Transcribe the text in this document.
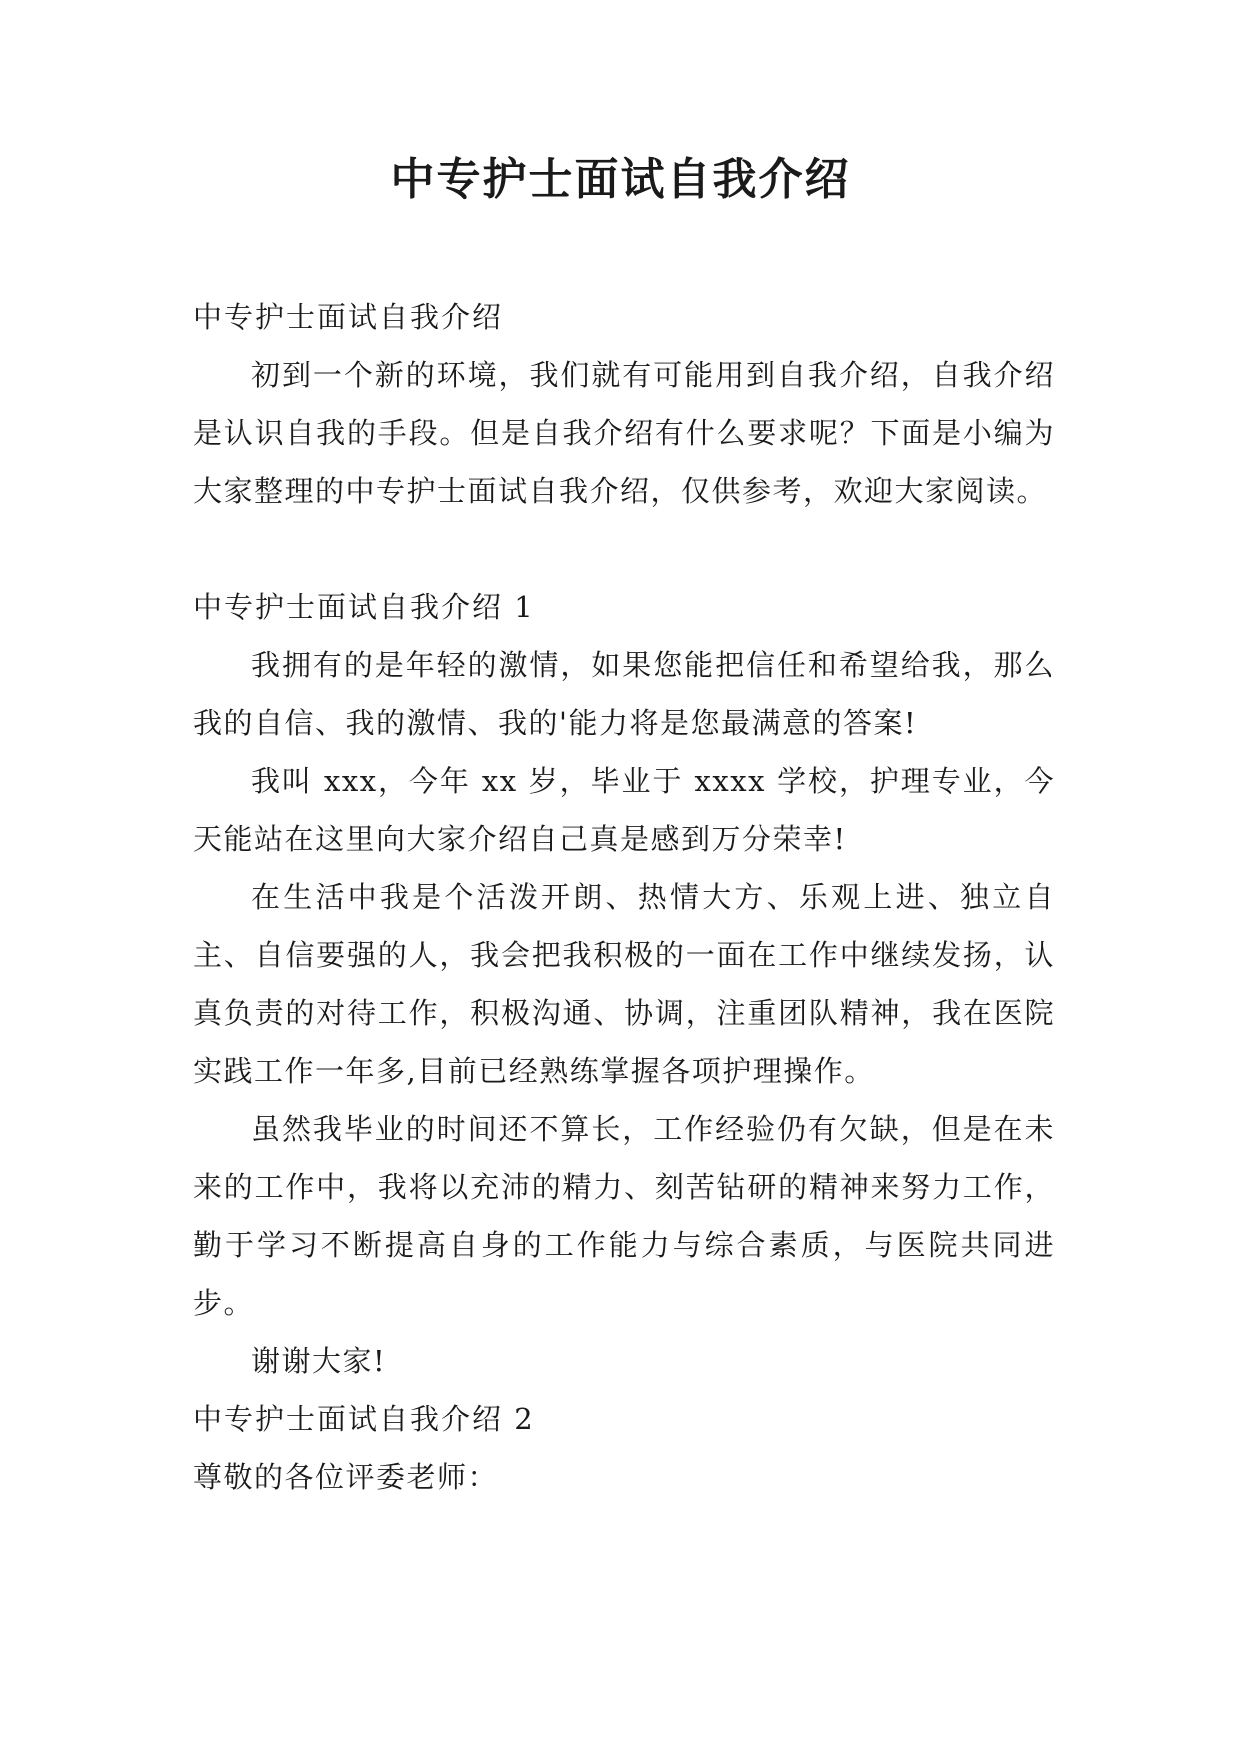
中专护士面试自我介绍

中专护士面试自我介绍

初到一个新的环境，我们就有可能用到自我介绍，自我介绍是认识自我的手段。但是自我介绍有什么要求呢？下面是小编为大家整理的中专护士面试自我介绍，仅供参考，欢迎大家阅读。

中专护士面试自我介绍 1

我拥有的是年轻的激情，如果您能把信任和希望给我，那么我的自信、我的激情、我的'能力将是您最满意的答案!

我叫 xxx，今年 xx 岁，毕业于 xxxx 学校，护理专业，今天能站在这里向大家介绍自己真是感到万分荣幸!

在生活中我是个活泼开朗、热情大方、乐观上进、独立自主、自信要强的人，我会把我积极的一面在工作中继续发扬，认真负责的对待工作，积极沟通、协调，注重团队精神，我在医院实践工作一年多,目前已经熟练掌握各项护理操作。

虽然我毕业的时间还不算长，工作经验仍有欠缺，但是在未来的工作中，我将以充沛的精力、刻苦钻研的精神来努力工作，勤于学习不断提高自身的工作能力与综合素质，与医院共同进步。

谢谢大家!

中专护士面试自我介绍 2

尊敬的各位评委老师：
